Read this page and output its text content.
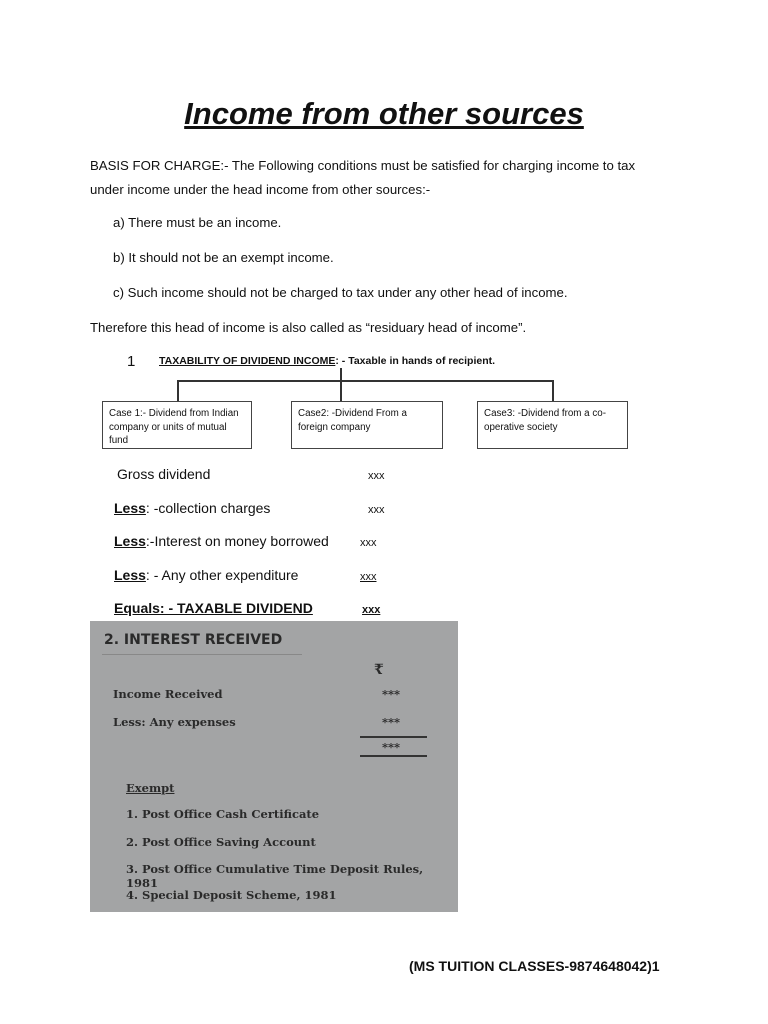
Income from other sources
BASIS FOR CHARGE:- The Following conditions must be satisfied for charging income to tax
under income under the head income from other sources:-
a) There must be an income.
b) It should not be an exempt income.
c) Such income should not be charged to tax under any other head of income.
Therefore this head of income is also called as “residuary head of income”.
1 TAXABILITY OF DIVIDEND INCOME: - Taxable in hands of recipient.
Case 1:- Dividend from Indian company or units of mutual fund
Case2: -Dividend From a foreign company
Case3: -Dividend from a co-operative society
Gross dividend	xxx
Less: -collection charges	xxx
Less:-Interest on money borrowed	xxx
Less: - Any other expenditure	xxx
Equals: - TAXABLE DIVIDEND	xxx
2. INTEREST RECEIVED
₹
Income Received	***
Less: Any expenses	***
***
Exempt
1. Post Office Cash Certificate
2. Post Office Saving Account
3. Post Office Cumulative Time Deposit Rules, 1981
4. Special Deposit Scheme, 1981
(MS TUITION CLASSES-9874648042)1
